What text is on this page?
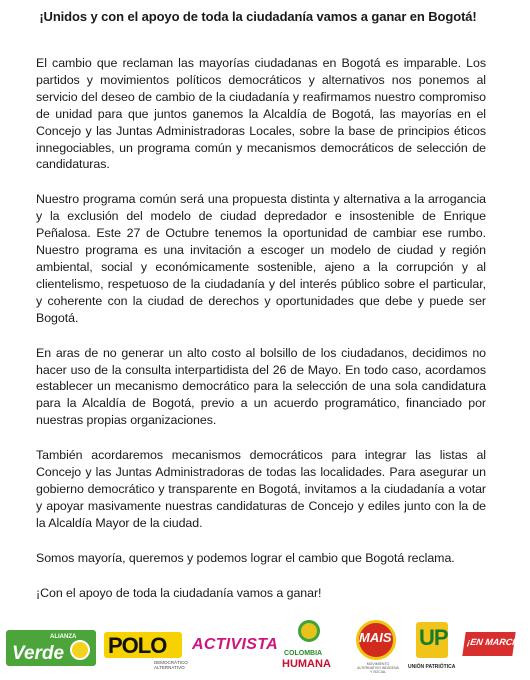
¡Unidos y con el apoyo de toda la ciudadanía vamos a ganar en Bogotá!

El cambio que reclaman las mayorías ciudadanas en Bogotá es imparable. Los partidos y movimientos políticos democráticos y alternativos nos ponemos al servicio del deseo de cambio de la ciudadanía y reafirmamos nuestro compromiso de unidad para que juntos ganemos la Alcaldía de Bogotá, las mayorías en el Concejo y las Juntas Administradoras Locales, sobre la base de principios éticos innegociables, un programa común y mecanismos democráticos de selección de candidaturas.

Nuestro programa común será una propuesta distinta y alternativa a la arrogancia y la exclusión del modelo de ciudad depredador e insostenible de Enrique Peñalosa. Este 27 de Octubre tenemos la oportunidad de cambiar ese rumbo. Nuestro programa es una invitación a escoger un modelo de ciudad y región ambiental, social y económicamente sostenible, ajeno a la corrupción y al clientelismo, respetuoso de la ciudadanía y del interés público sobre el particular, y coherente con la ciudad de derechos y oportunidades que debe y puede ser Bogotá.

En aras de no generar un alto costo al bolsillo de los ciudadanos, decidimos no hacer uso de la consulta interpartidista del 26 de Mayo. En todo caso, acordamos establecer un mecanismo democrático para la selección de una sola candidatura para la Alcaldía de Bogotá, previo a un acuerdo programático, financiado por nuestras propias organizaciones.

También acordaremos mecanismos democráticos para integrar las listas al Concejo y las Juntas Administradoras de todas las localidades. Para asegurar un gobierno democrático y transparente en Bogotá, invitamos a la ciudadanía a votar y apoyar masivamente nuestras candidaturas de Concejo y ediles junto con la de la Alcaldía Mayor de la ciudad.

Somos mayoría, queremos y podemos lograr el cambio que Bogotá reclama.

¡Con el apoyo de toda la ciudadanía vamos a ganar!

ALIANZA
Verde POLO
DEMOCRÁTICO ALTERNATIVO
ACTIVISTA
COLOMBIA
HUMANA
MAIS
MOVIMIENTO ALTERNATIVO INDÍGENA Y SOCIAL
UP
UNIÓN PATRIÓTICA
¡EN MARCHA!
